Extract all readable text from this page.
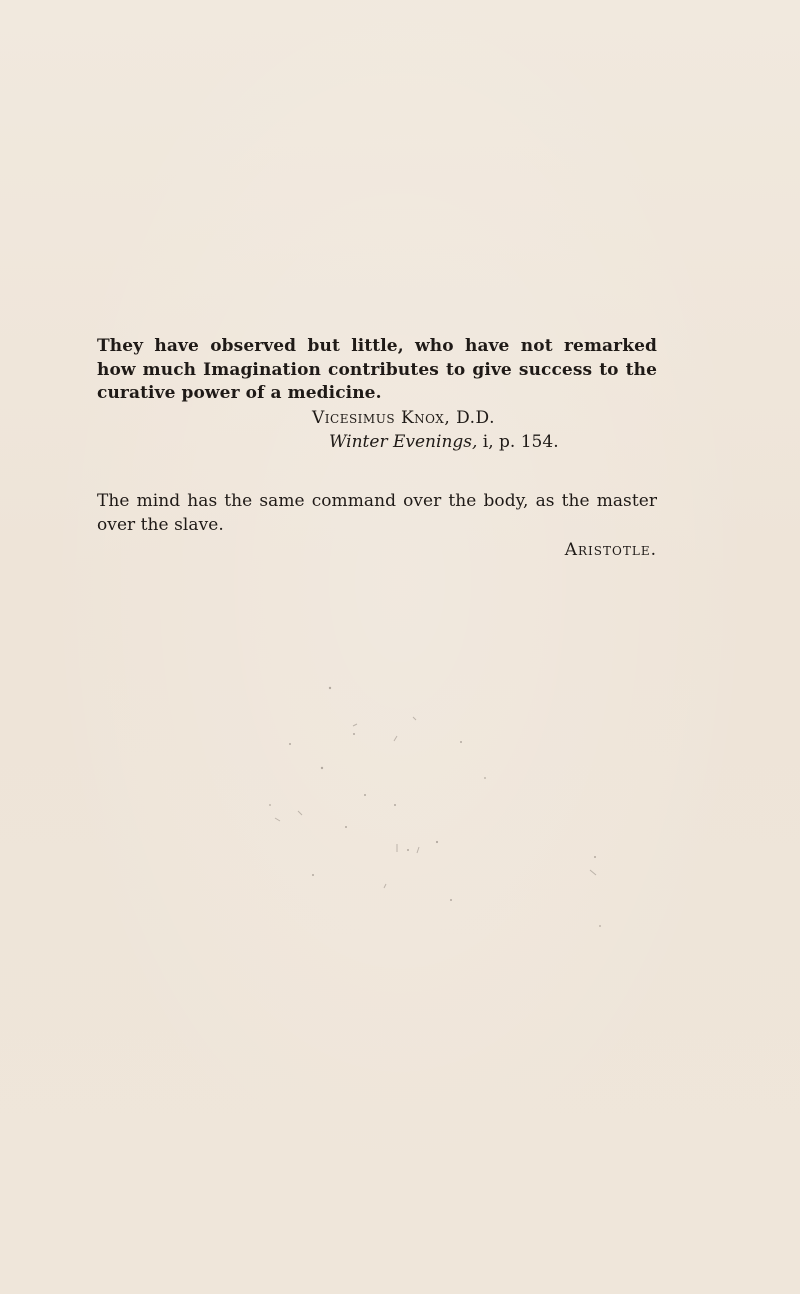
They have observed but little, who have not remarked how much Imagination contributes to give success to the curative power of a medicine.

Vicesimus Knox, D.D.

Winter Evenings, i, p. 154.

The mind has the same command over the body, as the master over the slave.

Aristotle.
